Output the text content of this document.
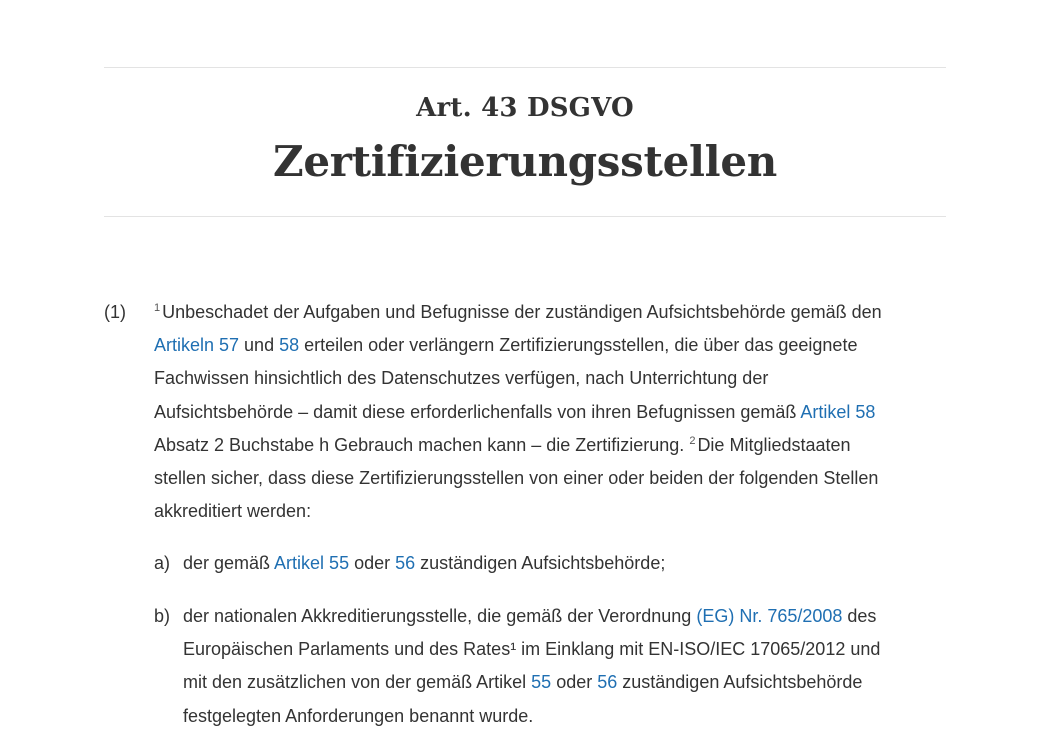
Art. 43 DSGVO
Zertifizierungsstellen
(1)	$^1$ Unbeschadet der Aufgaben und Befugnisse der zuständigen Aufsichtsbehörde gemäß den
Artikeln 57 und 58 erteilen oder verlängern Zertifizierungsstellen, die über das geeignete
Fachwissen hinsichtlich des Datenschutzes verfügen, nach Unterrichtung der
Aufsichtsbehörde – damit diese erforderlichenfalls von ihren Befugnissen gemäß Artikel 58
Absatz 2 Buchstabe h Gebrauch machen kann – die Zertifizierung. $^2$ Die Mitgliedstaaten
stellen sicher, dass diese Zertifizierungsstellen von einer oder beiden der folgenden Stellen
akkreditiert werden:
a) der gemäß Artikel 55 oder 56 zuständigen Aufsichtsbehörde;
b) der nationalen Akkreditierungsstelle, die gemäß der Verordnung (EG) Nr. 765/2008 des
Europäischen Parlaments und des Rates¹ im Einklang mit EN-ISO/IEC 17065/2012 und
mit den zusätzlichen von der gemäß Artikel 55 oder 56 zuständigen Aufsichtsbehörde
festgelegten Anforderungen benannt wurde.
